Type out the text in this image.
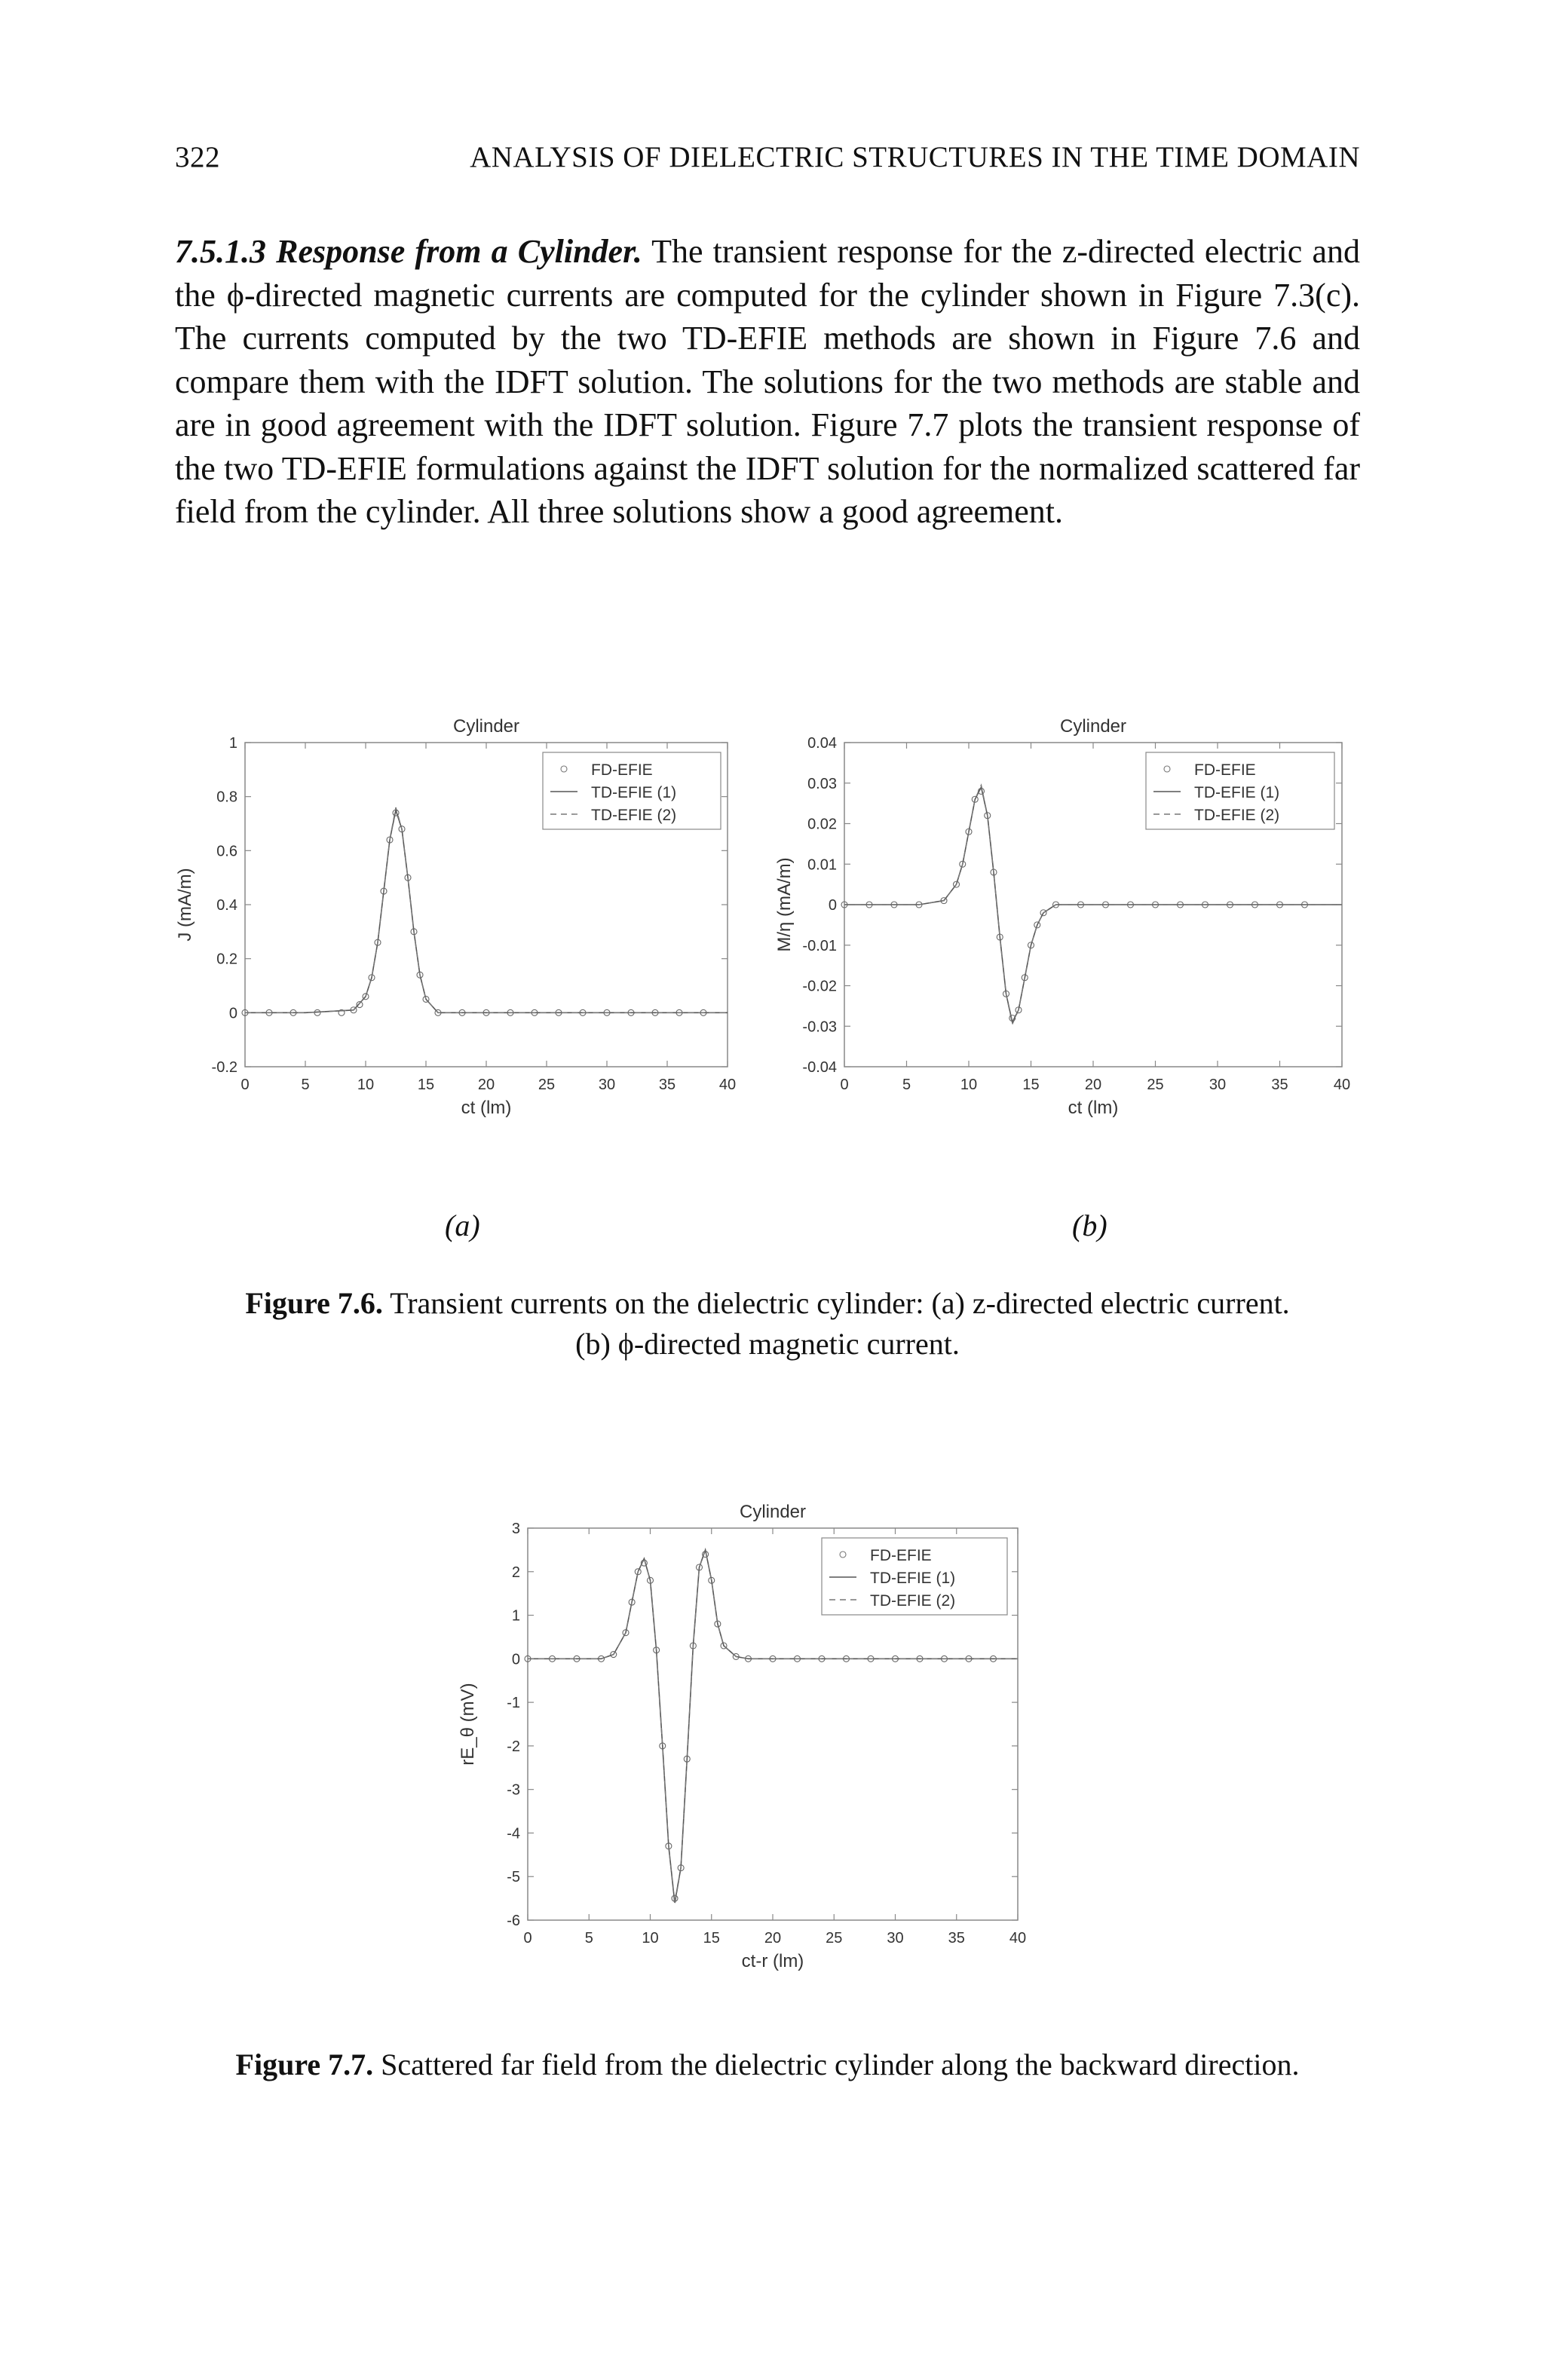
322	ANALYSIS OF DIELECTRIC STRUCTURES IN THE TIME DOMAIN
7.5.1.3 Response from a Cylinder. The transient response for the z-directed electric and the ϕ-directed magnetic currents are computed for the cylinder shown in Figure 7.3(c). The currents computed by the two TD-EFIE methods are shown in Figure 7.6 and compare them with the IDFT solution. The solutions for the two methods are stable and are in good agreement with the IDFT solution. Figure 7.7 plots the transient response of the two TD-EFIE formulations against the IDFT solution for the normalized scattered far field from the cylinder. All three solutions show a good agreement.
Cylinder
0	5	10	15	20	25	30	35	40
-0.2
0
0.2
0.4
0.6
0.8
1
ct (lm)
J (mA/m)
FD-EFIE
TD-EFIE (1)
TD-EFIE (2)
(a)
Cylinder
0	5	10	15	20	25	30	35	40
-0.04
-0.03
-0.02
-0.01
0
0.01
0.02
0.03
0.04
ct (lm)
M/η (mA/m)
FD-EFIE
TD-EFIE (1)
TD-EFIE (2)
(b)
Figure 7.6. Transient currents on the dielectric cylinder: (a) z-directed electric current.
(b) ϕ-directed magnetic current.
Cylinder
0	5	10	15	20	25	30	35	40
-6
-5
-4
-3
-2
-1
0
1
2
3
ct-r (lm)
rE_θ (mV)
FD-EFIE
TD-EFIE (1)
TD-EFIE (2)
Figure 7.7. Scattered far field from the dielectric cylinder along the backward direction.
